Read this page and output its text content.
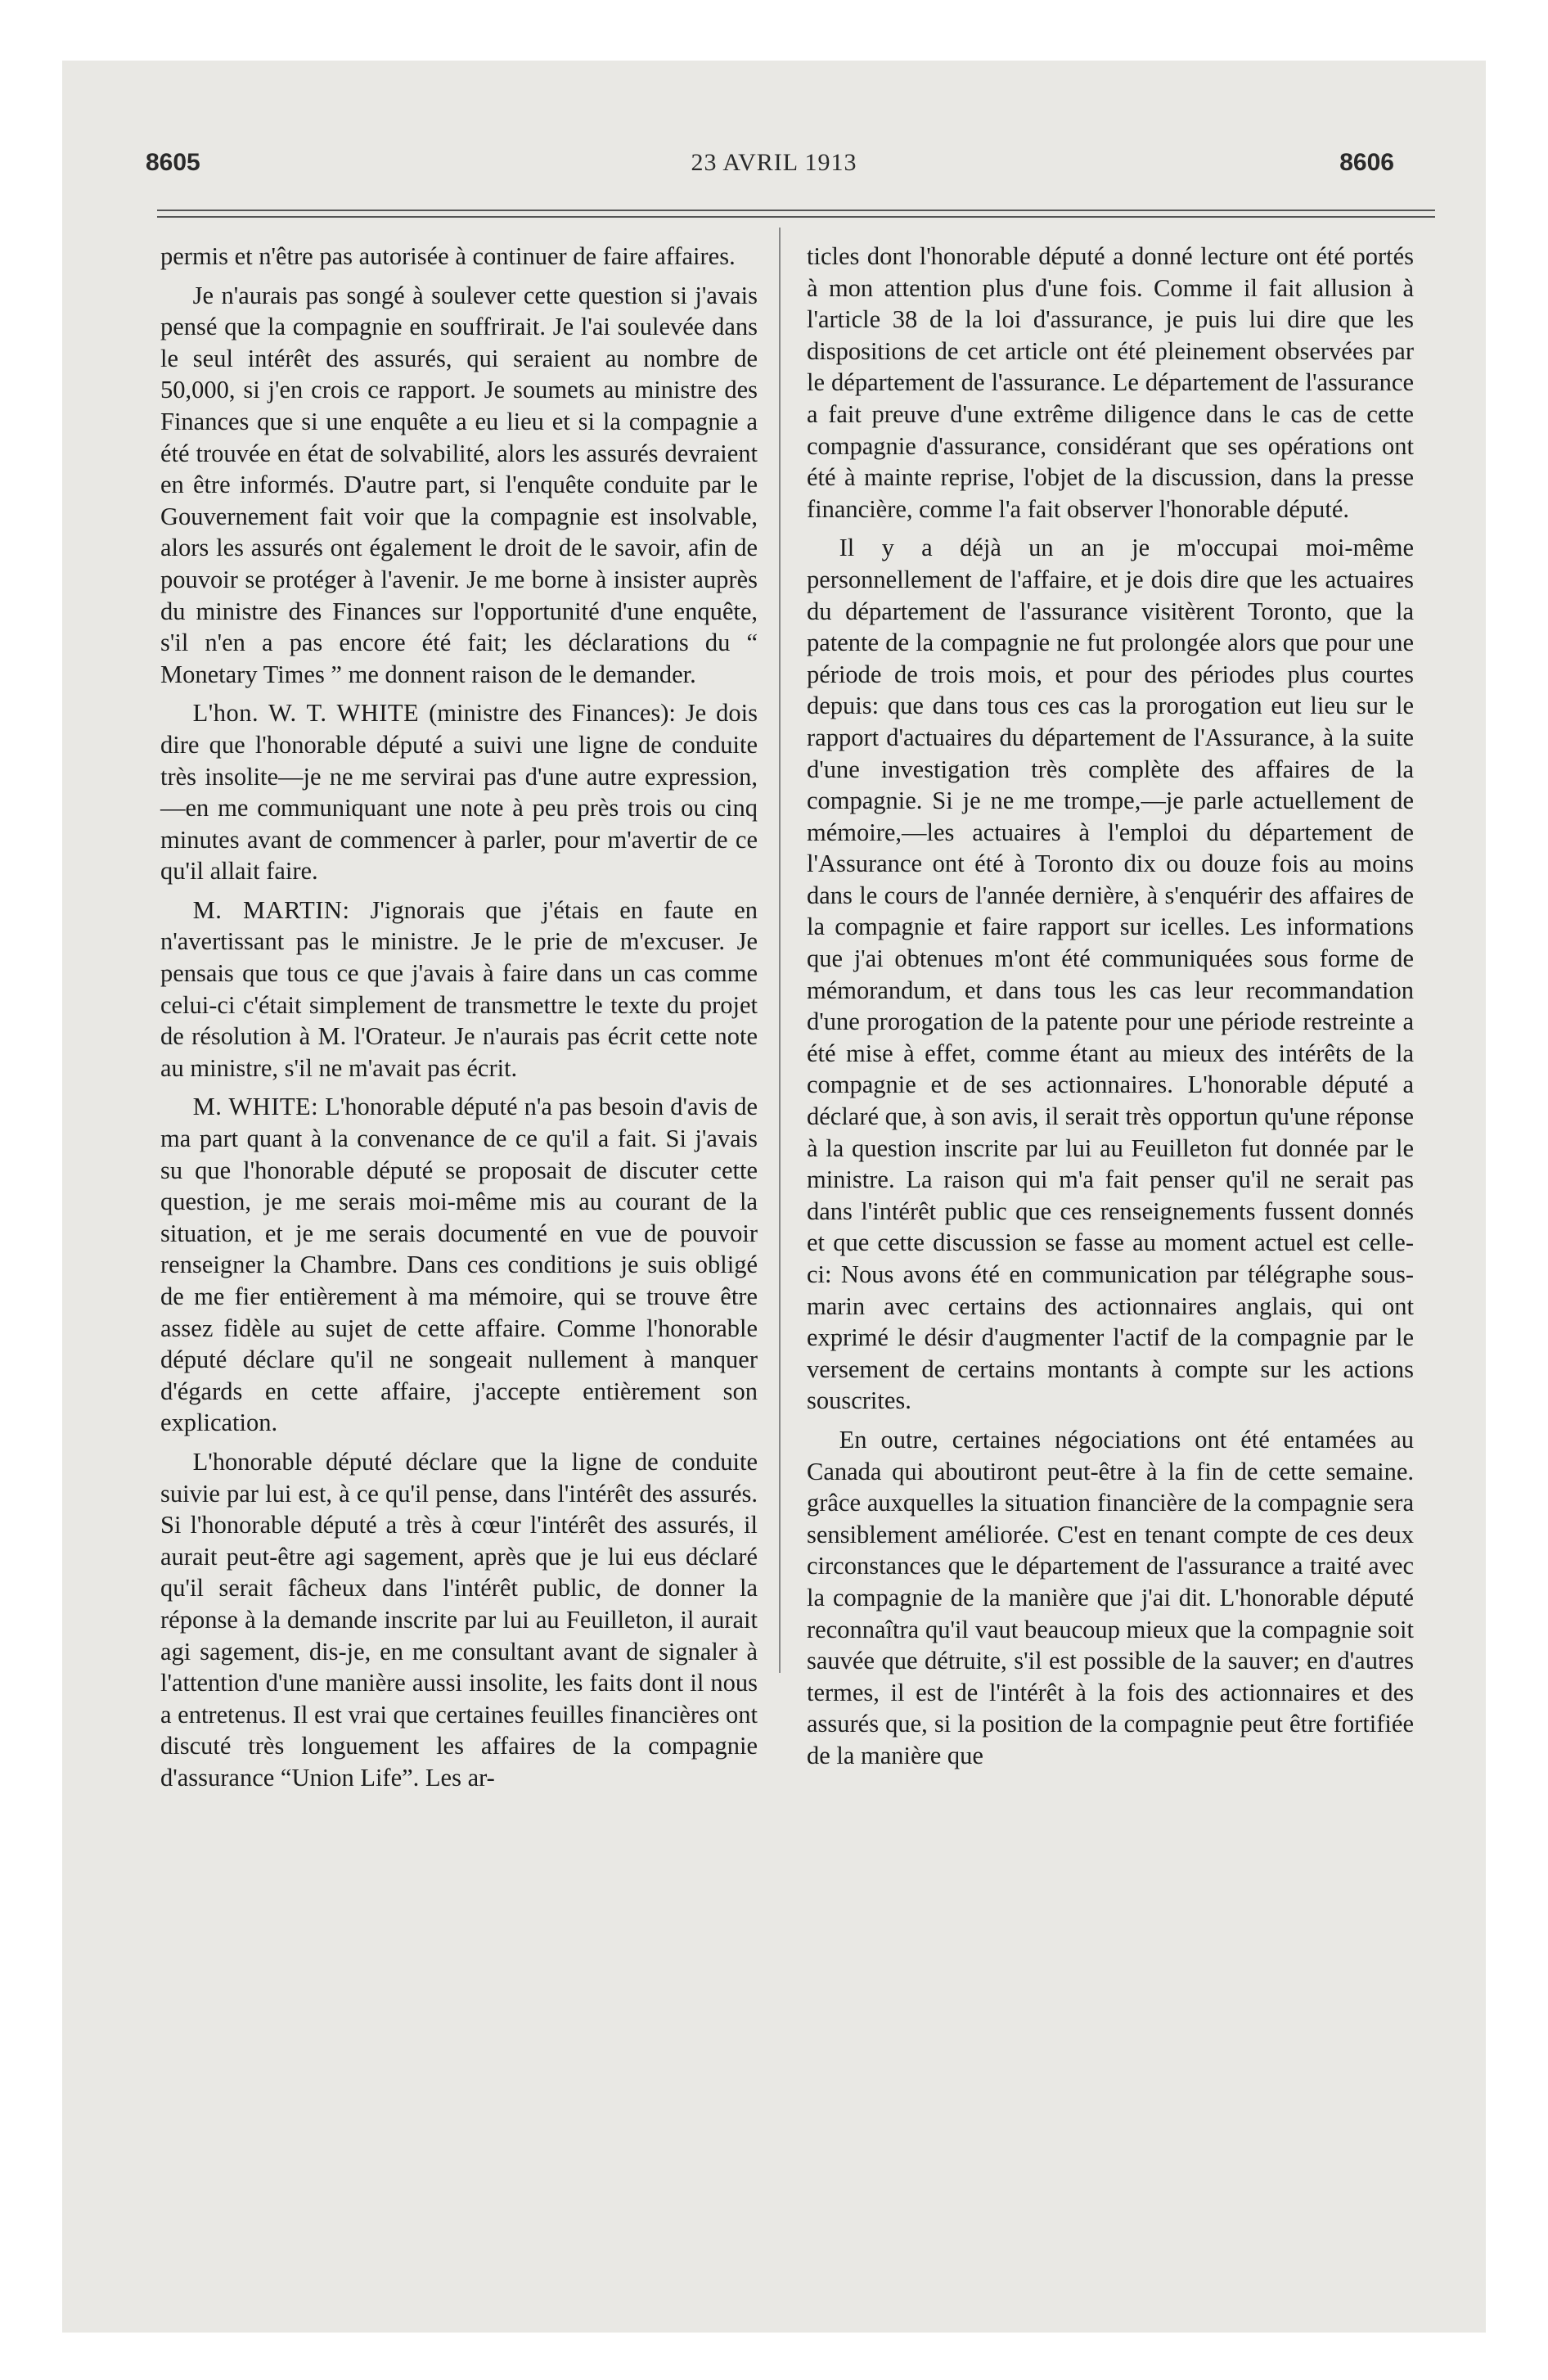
8605	23 AVRIL 1913	8606

permis et n'être pas autorisée à continuer de faire affaires.

Je n'aurais pas songé à soulever cette question si j'avais pensé que la compagnie en souffrirait. Je l'ai soulevée dans le seul intérêt des assurés, qui seraient au nombre de 50,000, si j'en crois ce rapport. Je soumets au ministre des Finances que si une enquête a eu lieu et si la compagnie a été trouvée en état de solvabilité, alors les assurés devraient en être informés. D'autre part, si l'enquête conduite par le Gouvernement fait voir que la compagnie est insolvable, alors les assurés ont également le droit de le savoir, afin de pouvoir se protéger à l'avenir. Je me borne à insister auprès du ministre des Finances sur l'opportunité d'une enquête, s'il n'en a pas encore été fait; les déclarations du “ Monetary Times ” me donnent raison de le demander.

L'hon. W. T. WHITE (ministre des Finances): Je dois dire que l'honorable député a suivi une ligne de conduite très insolite—je ne me servirai pas d'une autre expression,—en me communiquant une note à peu près trois ou cinq minutes avant de commencer à parler, pour m'avertir de ce qu'il allait faire.

M. MARTIN: J'ignorais que j'étais en faute en n'avertissant pas le ministre. Je le prie de m'excuser. Je pensais que tous ce que j'avais à faire dans un cas comme celui-ci c'était simplement de transmettre le texte du projet de résolution à M. l'Orateur. Je n'aurais pas écrit cette note au ministre, s'il ne m'avait pas écrit.

M. WHITE: L'honorable député n'a pas besoin d'avis de ma part quant à la convenance de ce qu'il a fait. Si j'avais su que l'honorable député se proposait de discuter cette question, je me serais moi-même mis au courant de la situation, et je me serais documenté en vue de pouvoir renseigner la Chambre. Dans ces conditions je suis obligé de me fier entièrement à ma mémoire, qui se trouve être assez fidèle au sujet de cette affaire. Comme l'honorable député déclare qu'il ne songeait nullement à manquer d'égards en cette affaire, j'accepte entièrement son explication.

L'honorable député déclare que la ligne de conduite suivie par lui est, à ce qu'il pense, dans l'intérêt des assurés. Si l'honorable député a très à cœur l'intérêt des assurés, il aurait peut-être agi sagement, après que je lui eus déclaré qu'il serait fâcheux dans l'intérêt public, de donner la réponse à la demande inscrite par lui au Feuilleton, il aurait agi sagement, dis-je, en me consultant avant de signaler à l'attention d'une manière aussi insolite, les faits dont il nous a entretenus. Il est vrai que certaines feuilles financières ont discuté très longuement les affaires de la compagnie d'assurance “Union Life”. Les ar-

ticles dont l'honorable député a donné lecture ont été portés à mon attention plus d'une fois. Comme il fait allusion à l'article 38 de la loi d'assurance, je puis lui dire que les dispositions de cet article ont été pleinement observées par le département de l'assurance. Le département de l'assurance a fait preuve d'une extrême diligence dans le cas de cette compagnie d'assurance, considérant que ses opérations ont été à mainte reprise, l'objet de la discussion, dans la presse financière, comme l'a fait observer l'honorable député.

Il y a déjà un an je m'occupai moi-même personnellement de l'affaire, et je dois dire que les actuaires du département de l'assurance visitèrent Toronto, que la patente de la compagnie ne fut prolongée alors que pour une période de trois mois, et pour des périodes plus courtes depuis: que dans tous ces cas la prorogation eut lieu sur le rapport d'actuaires du département de l'Assurance, à la suite d'une investigation très complète des affaires de la compagnie. Si je ne me trompe,—je parle actuellement de mémoire,—les actuaires à l'emploi du département de l'Assurance ont été à Toronto dix ou douze fois au moins dans le cours de l'année dernière, à s'enquérir des affaires de la compagnie et faire rapport sur icelles. Les informations que j'ai obtenues m'ont été communiquées sous forme de mémorandum, et dans tous les cas leur recommandation d'une prorogation de la patente pour une période restreinte a été mise à effet, comme étant au mieux des intérêts de la compagnie et de ses actionnaires. L'honorable député a déclaré que, à son avis, il serait très opportun qu'une réponse à la question inscrite par lui au Feuilleton fut donnée par le ministre. La raison qui m'a fait penser qu'il ne serait pas dans l'intérêt public que ces renseignements fussent donnés et que cette discussion se fasse au moment actuel est celle-ci: Nous avons été en communication par télégraphe sous-marin avec certains des actionnaires anglais, qui ont exprimé le désir d'augmenter l'actif de la compagnie par le versement de certains montants à compte sur les actions souscrites.

En outre, certaines négociations ont été entamées au Canada qui aboutiront peut-être à la fin de cette semaine. grâce auxquelles la situation financière de la compagnie sera sensiblement améliorée. C'est en tenant compte de ces deux circonstances que le département de l'assurance a traité avec la compagnie de la manière que j'ai dit. L'honorable député reconnaîtra qu'il vaut beaucoup mieux que la compagnie soit sauvée que détruite, s'il est possible de la sauver; en d'autres termes, il est de l'intérêt à la fois des actionnaires et des assurés que, si la position de la compagnie peut être fortifiée de la manière que
